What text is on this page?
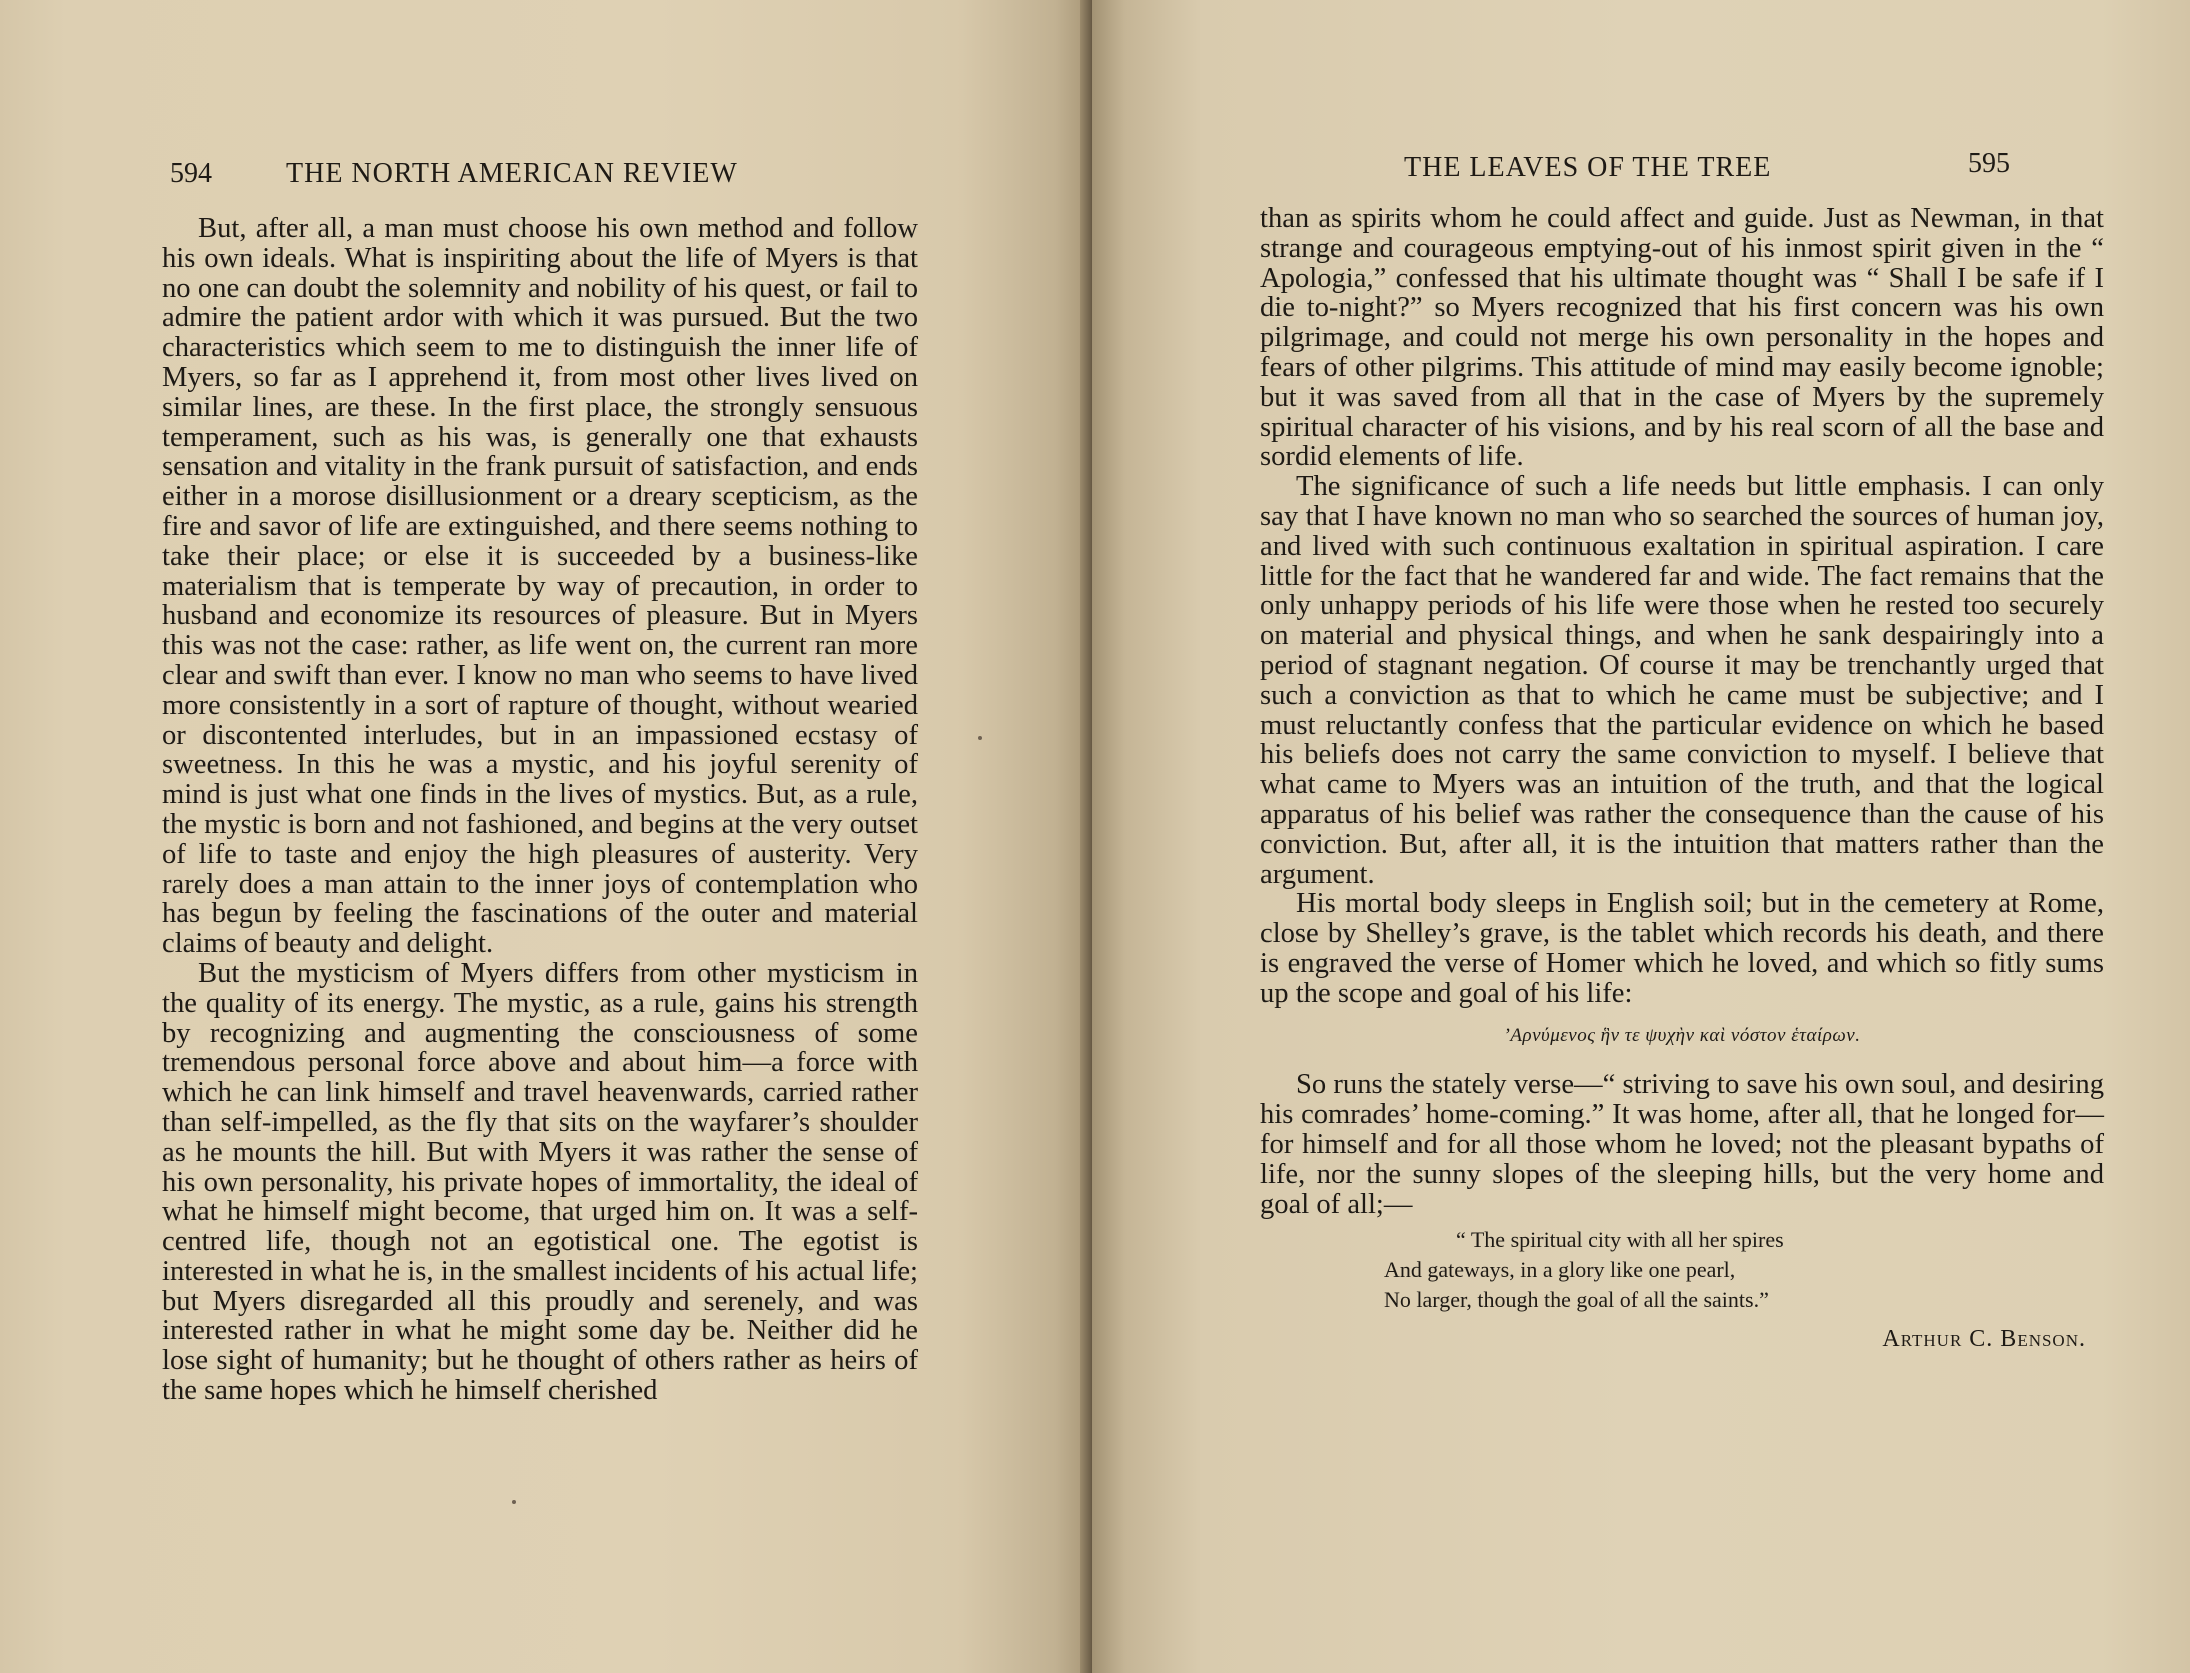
594	THE NORTH AMERICAN REVIEW

But, after all, a man must choose his own method and follow his own ideals. What is inspiriting about the life of Myers is that no one can doubt the solemnity and nobility of his quest, or fail to admire the patient ardor with which it was pursued. But the two characteristics which seem to me to distinguish the inner life of Myers, so far as I apprehend it, from most other lives lived on similar lines, are these. In the first place, the strongly sensuous temperament, such as his was, is generally one that exhausts sensation and vitality in the frank pursuit of satisfaction, and ends either in a morose disillusionment or a dreary scepticism, as the fire and savor of life are extinguished, and there seems nothing to take their place; or else it is succeeded by a business-like materialism that is temperate by way of precaution, in order to husband and economize its resources of pleasure. But in Myers this was not the case: rather, as life went on, the current ran more clear and swift than ever. I know no man who seems to have lived more consistently in a sort of rapture of thought, without wearied or discontented interludes, but in an impassioned ecstasy of sweetness. In this he was a mystic, and his joyful serenity of mind is just what one finds in the lives of mystics. But, as a rule, the mystic is born and not fashioned, and begins at the very outset of life to taste and enjoy the high pleasures of austerity. Very rarely does a man attain to the inner joys of contemplation who has begun by feeling the fascinations of the outer and material claims of beauty and delight.

But the mysticism of Myers differs from other mysticism in the quality of its energy. The mystic, as a rule, gains his strength by recognizing and augmenting the consciousness of some tremendous personal force above and about him—a force with which he can link himself and travel heavenwards, carried rather than self-impelled, as the fly that sits on the wayfarer’s shoulder as he mounts the hill. But with Myers it was rather the sense of his own personality, his private hopes of immortality, the ideal of what he himself might become, that urged him on. It was a self-centred life, though not an egotistical one. The egotist is interested in what he is, in the smallest incidents of his actual life; but Myers disregarded all this proudly and serenely, and was interested rather in what he might some day be. Neither did he lose sight of humanity; but he thought of others rather as heirs of the same hopes which he himself cherished

THE LEAVES OF THE TREE	595

than as spirits whom he could affect and guide. Just as Newman, in that strange and courageous emptying-out of his inmost spirit given in the “ Apologia,” confessed that his ultimate thought was “ Shall I be safe if I die to-night?” so Myers recognized that his first concern was his own pilgrimage, and could not merge his own personality in the hopes and fears of other pilgrims. This attitude of mind may easily become ignoble; but it was saved from all that in the case of Myers by the supremely spiritual character of his visions, and by his real scorn of all the base and sordid elements of life.

The significance of such a life needs but little emphasis. I can only say that I have known no man who so searched the sources of human joy, and lived with such continuous exaltation in spiritual aspiration. I care little for the fact that he wandered far and wide. The fact remains that the only unhappy periods of his life were those when he rested too securely on material and physical things, and when he sank despairingly into a period of stagnant negation. Of course it may be trenchantly urged that such a conviction as that to which he came must be subjective; and I must reluctantly confess that the particular evidence on which he based his beliefs does not carry the same conviction to myself. I believe that what came to Myers was an intuition of the truth, and that the logical apparatus of his belief was rather the consequence than the cause of his conviction. But, after all, it is the intuition that matters rather than the argument.

His mortal body sleeps in English soil; but in the cemetery at Rome, close by Shelley’s grave, is the tablet which records his death, and there is engraved the verse of Homer which he loved, and which so fitly sums up the scope and goal of his life:

’Αρνύμενος ἣν τε ψυχὴν καὶ νόστον ἑταίρων.

So runs the stately verse—“ striving to save his own soul, and desiring his comrades’ home-coming.” It was home, after all, that he longed for—for himself and for all those whom he loved; not the pleasant bypaths of life, nor the sunny slopes of the sleeping hills, but the very home and goal of all;—

“ The spiritual city with all her spires
And gateways, in a glory like one pearl,
No larger, though the goal of all the saints.”
Arthur C. Benson.
